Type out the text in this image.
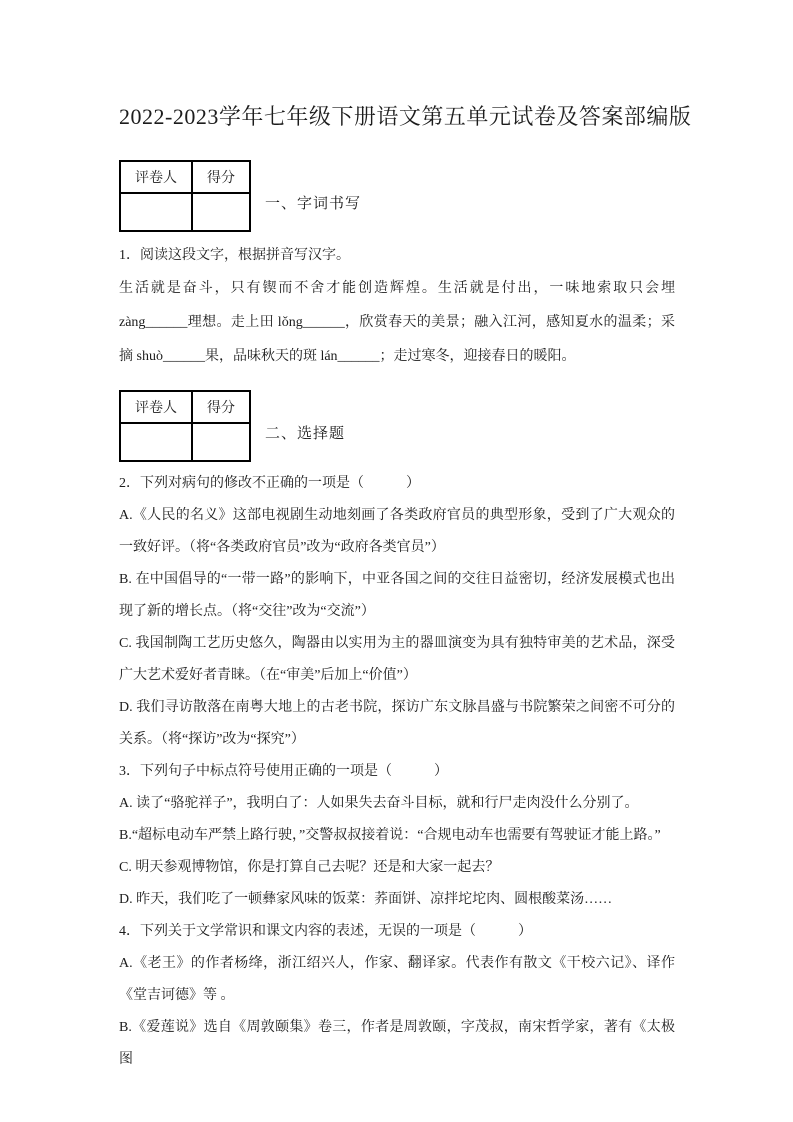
2022-2023学年七年级下册语文第五单元试卷及答案部编版
评卷人	得分

一、字词书写

1．阅读这段文字，根据拼音写汉字。

生活就是奋斗，只有锲而不舍才能创造辉煌。生活就是付出，一味地索取只会埋 zàng______理想。走上田 lǒng______，欣赏春天的美景；融入江河，感知夏水的温柔；采摘 shuò______果，品味秋天的斑 lán______；走过寒冬，迎接春日的暖阳。

评卷人	得分

二、选择题

2．下列对病句的修改不正确的一项是（　　　）

A.《人民的名义》这部电视剧生动地刻画了各类政府官员的典型形象，受到了广大观众的一致好评。（将“各类政府官员”改为“政府各类官员”）

B. 在中国倡导的“一带一路”的影响下，中亚各国之间的交往日益密切，经济发展模式也出现了新的增长点。（将“交往”改为“交流”）

C. 我国制陶工艺历史悠久，陶器由以实用为主的器皿演变为具有独特审美的艺术品，深受广大艺术爱好者青睐。（在“审美”后加上“价值”）

D. 我们寻访散落在南粤大地上的古老书院，探访广东文脉昌盛与书院繁荣之间密不可分的关系。（将“探访”改为“探究”）

3．下列句子中标点符号使用正确的一项是（　　　）

A. 读了“骆驼祥子”，我明白了：人如果失去奋斗目标，就和行尸走肉没什么分别了。

B.“超标电动车严禁上路行驶，”交警叔叔接着说：“合规电动车也需要有驾驶证才能上路。”

C. 明天参观博物馆，你是打算自己去呢？还是和大家一起去？

D. 昨天，我们吃了一顿彝家风味的饭菜：荞面饼、凉拌坨坨肉、圆根酸菜汤……

4．下列关于文学常识和课文内容的表述，无误的一项是（　　　）

A.《老王》的作者杨绛，浙江绍兴人，作家、翻译家。代表作有散文《干校六记》、译作《堂吉诃德》等 。

B.《爱莲说》选自《周敦颐集》卷三，作者是周敦颐，字茂叔，南宋哲学家，著有《太极图
